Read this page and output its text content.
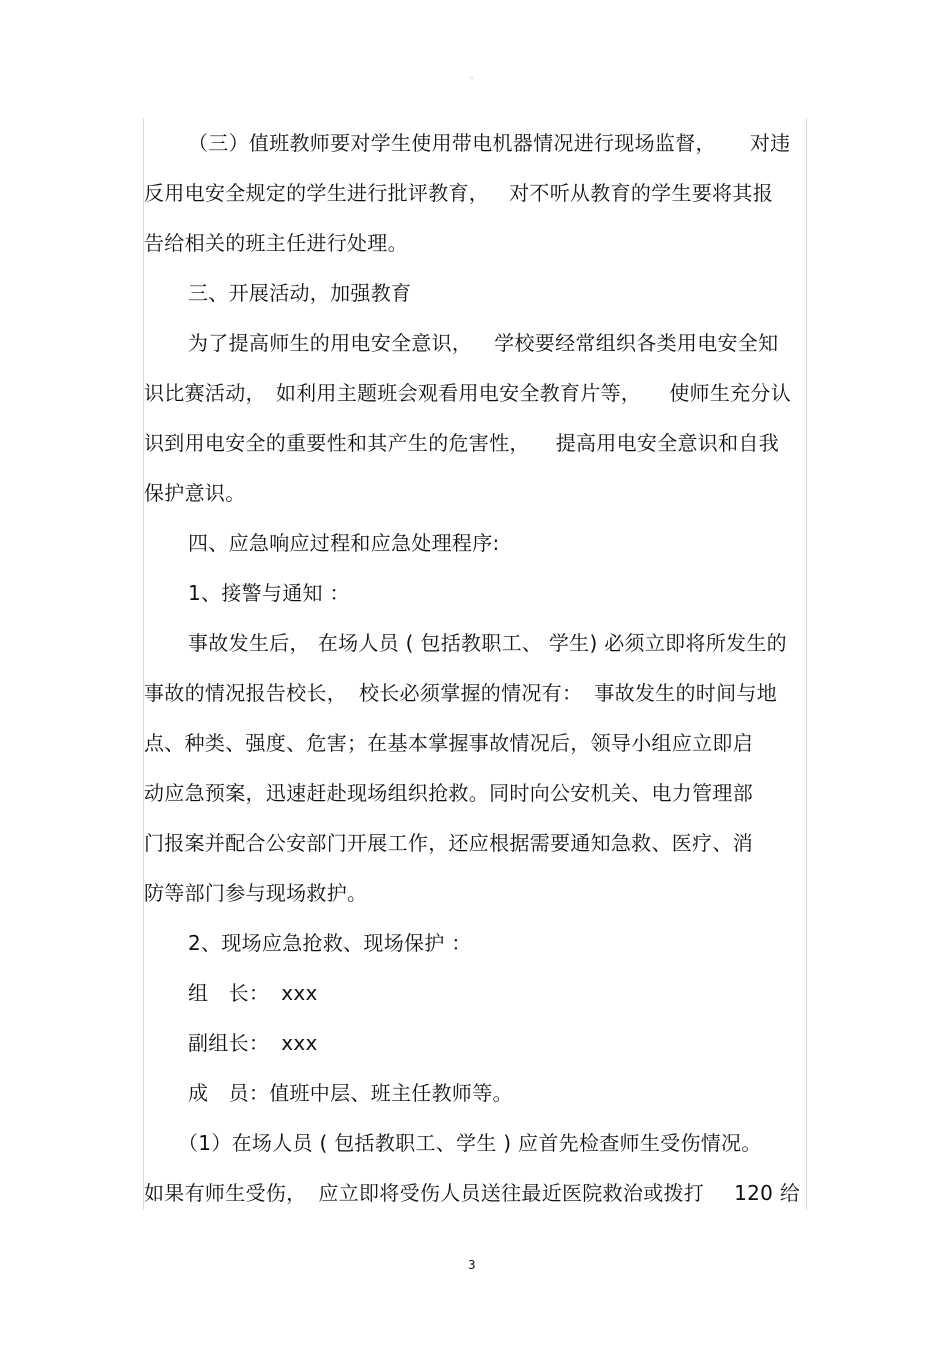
。
（三）值班教师要对学生使用带电机器情况进行现场监督， 对违
反用电安全规定的学生进行批评教育， 对不听从教育的学生要将其报
告给相关的班主任进行处理。
三、开展活动，加强教育
为了提高师生的用电安全意识， 学校要经常组织各类用电安全知
识比赛活动， 如利用主题班会观看用电安全教育片等， 使师生充分认
识到用电安全的重要性和其产生的危害性， 提高用电安全意识和自我
保护意识。
四、应急响应过程和应急处理程序:
1、接警与通知 ：
事故发生后， 在场人员 ( 包括教职工、 学生) 必须立即将所发生的
事故的情况报告校长， 校长必须掌握的情况有： 事故发生的时间与地
点、种类、强度、危害；在基本掌握事故情况后，领导小组应立即启
动应急预案，迅速赶赴现场组织抢救。同时向公安机关、电力管理部
门报案并配合公安部门开展工作，还应根据需要通知急救、医疗、消
防等部门参与现场救护。
2、现场应急抢救、现场保护 ：
组　长： xxx
副组长： xxx
成　员：值班中层、班主任教师等。
（1）在场人员 ( 包括教职工、学生 ) 应首先检查师生受伤情况。
如果有师生受伤， 应立即将受伤人员送往最近医院救治或拨打 120 给
3
